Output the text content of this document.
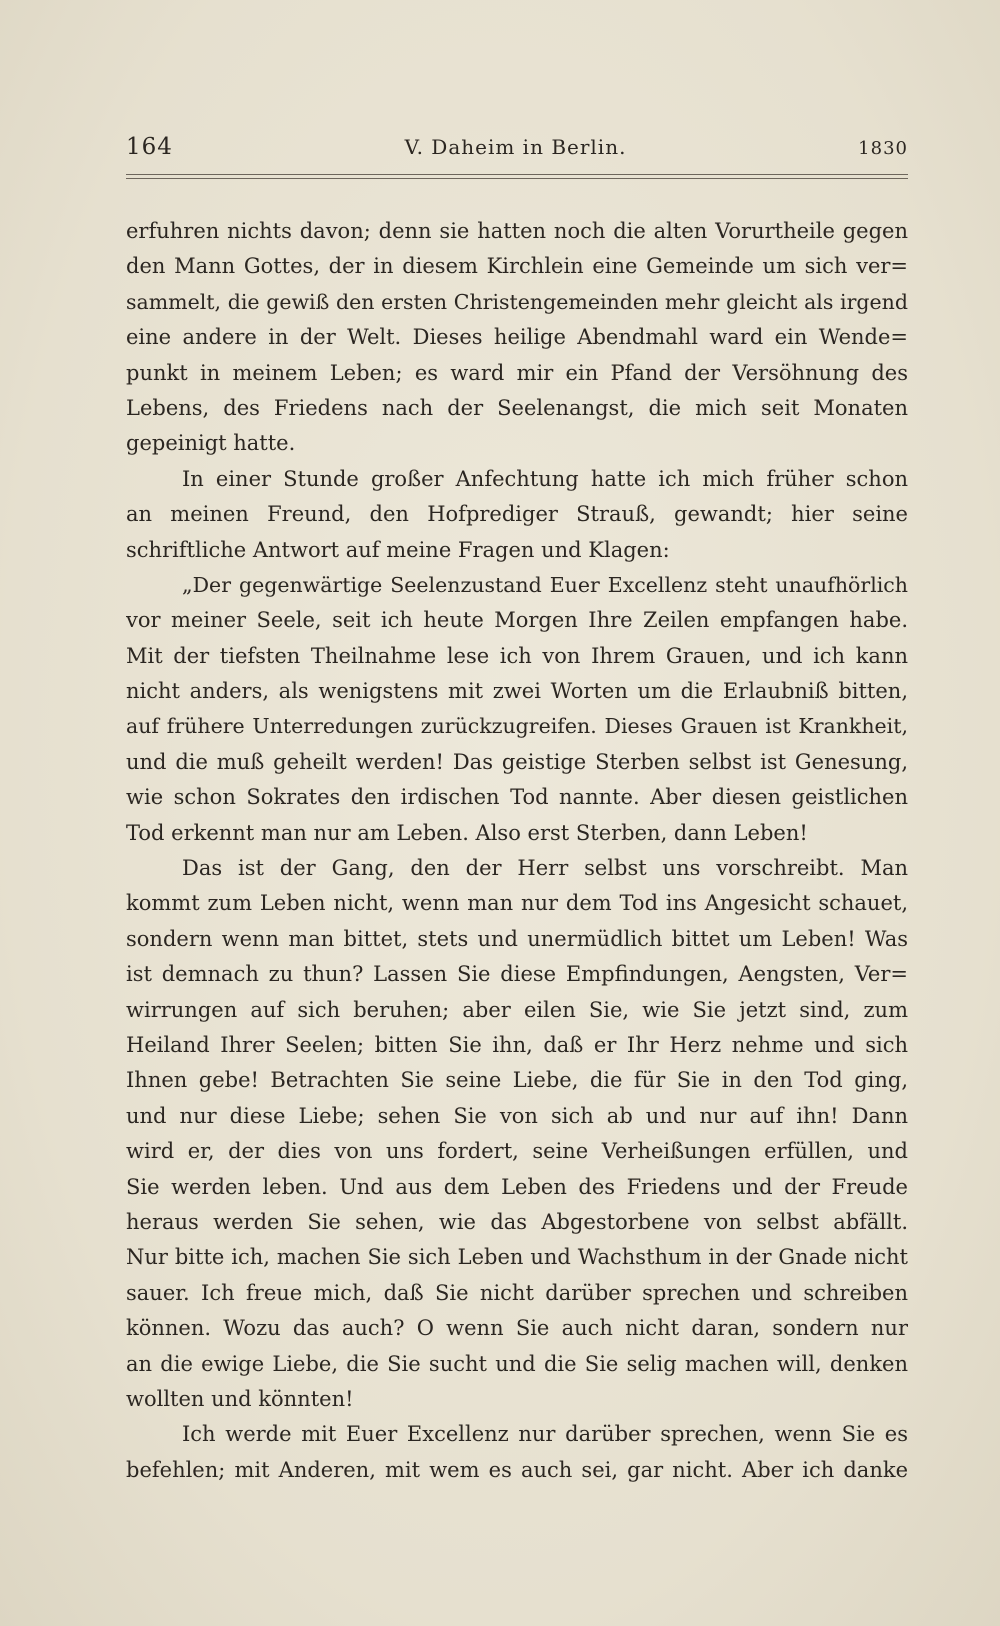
164	V. Daheim in Berlin.	1830
erfuhren nichts davon; denn sie hatten noch die alten Vorurtheile gegen
den Mann Gottes, der in diesem Kirchlein eine Gemeinde um sich ver=
sammelt, die gewiß den ersten Christengemeinden mehr gleicht als irgend
eine andere in der Welt. Dieses heilige Abendmahl ward ein Wende=
punkt in meinem Leben; es ward mir ein Pfand der Versöhnung des
Lebens, des Friedens nach der Seelenangst, die mich seit Monaten
gepeinigt hatte.
In einer Stunde großer Anfechtung hatte ich mich früher schon
an meinen Freund, den Hofprediger Strauß, gewandt; hier seine
schriftliche Antwort auf meine Fragen und Klagen:
„Der gegenwärtige Seelenzustand Euer Excellenz steht unaufhörlich
vor meiner Seele, seit ich heute Morgen Ihre Zeilen empfangen habe.
Mit der tiefsten Theilnahme lese ich von Ihrem Grauen, und ich kann
nicht anders, als wenigstens mit zwei Worten um die Erlaubniß bitten,
auf frühere Unterredungen zurückzugreifen. Dieses Grauen ist Krankheit,
und die muß geheilt werden! Das geistige Sterben selbst ist Genesung,
wie schon Sokrates den irdischen Tod nannte. Aber diesen geistlichen
Tod erkennt man nur am Leben. Also erst Sterben, dann Leben!
Das ist der Gang, den der Herr selbst uns vorschreibt. Man
kommt zum Leben nicht, wenn man nur dem Tod ins Angesicht schauet,
sondern wenn man bittet, stets und unermüdlich bittet um Leben! Was
ist demnach zu thun? Lassen Sie diese Empfindungen, Aengsten, Ver=
wirrungen auf sich beruhen; aber eilen Sie, wie Sie jetzt sind, zum
Heiland Ihrer Seelen; bitten Sie ihn, daß er Ihr Herz nehme und sich
Ihnen gebe! Betrachten Sie seine Liebe, die für Sie in den Tod ging,
und nur diese Liebe; sehen Sie von sich ab und nur auf ihn! Dann
wird er, der dies von uns fordert, seine Verheißungen erfüllen, und
Sie werden leben. Und aus dem Leben des Friedens und der Freude
heraus werden Sie sehen, wie das Abgestorbene von selbst abfällt.
Nur bitte ich, machen Sie sich Leben und Wachsthum in der Gnade nicht
sauer. Ich freue mich, daß Sie nicht darüber sprechen und schreiben
können. Wozu das auch? O wenn Sie auch nicht daran, sondern nur
an die ewige Liebe, die Sie sucht und die Sie selig machen will, denken
wollten und könnten!
Ich werde mit Euer Excellenz nur darüber sprechen, wenn Sie es
befehlen; mit Anderen, mit wem es auch sei, gar nicht. Aber ich danke
